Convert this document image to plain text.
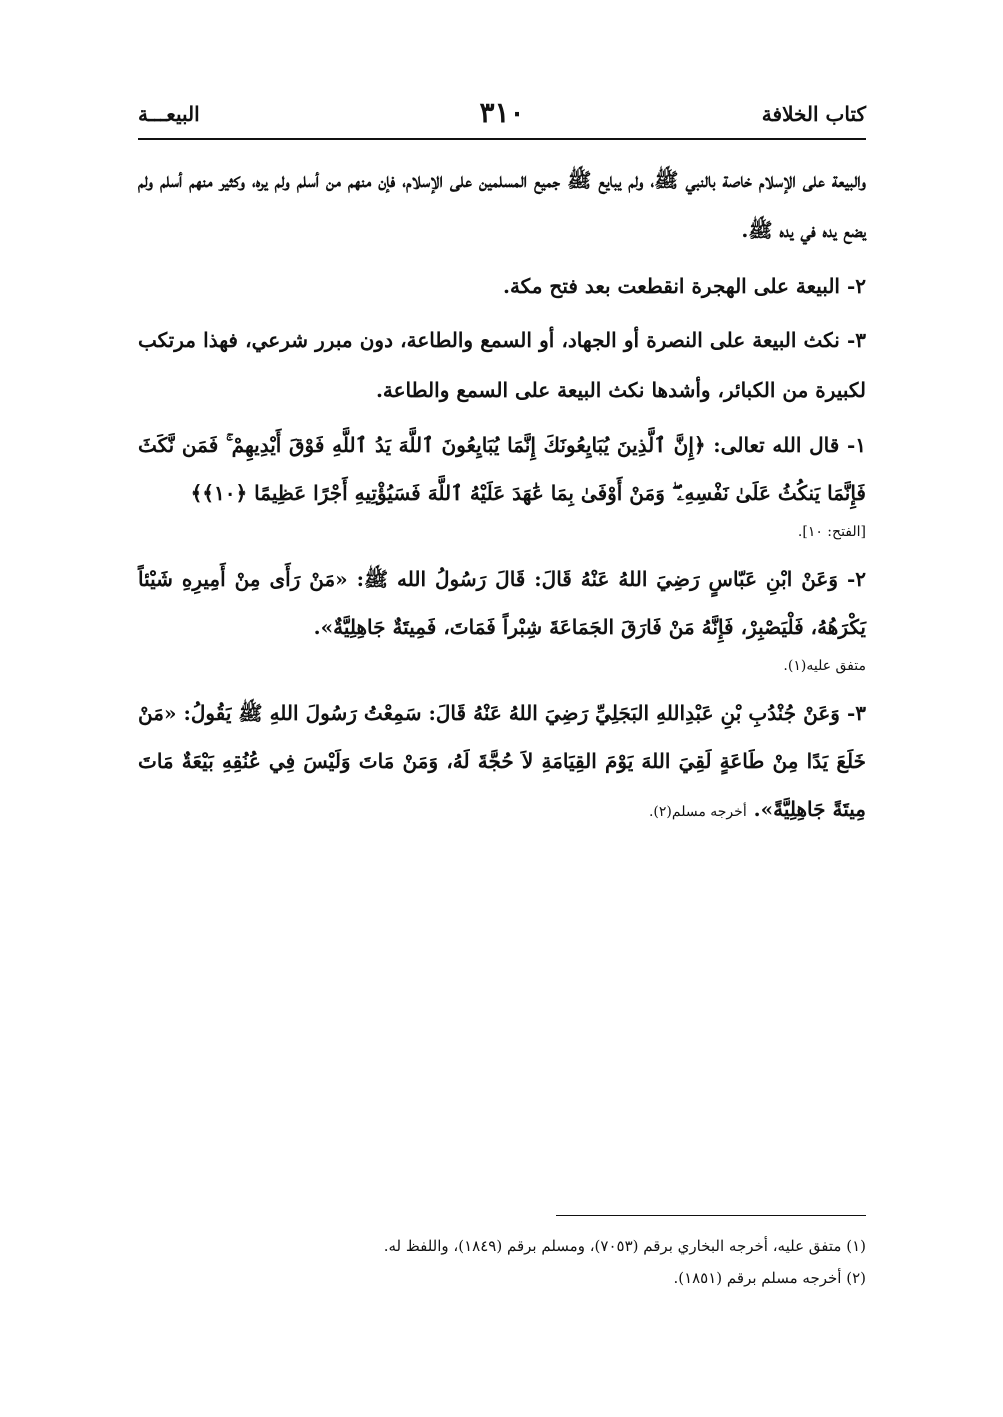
كتاب الخلافة
٣١٠
البيعـــة

والبيعة على الإسلام خاصة بالنبي ﷺ، ولم يبايع ﷺ جميع المسلمين على الإسلام، فإن منهم من أسلم ولم يره، وكثير منهم أسلم ولم يضع يده في يده ﷺ.

٢- البيعة على الهجرة انقطعت بعد فتح مكة.

٣- نكث البيعة على النصرة أو الجهاد، أو السمع والطاعة، دون مبرر شرعي، فهذا مرتكب لكبيرة من الكبائر، وأشدها نكث البيعة على السمع والطاعة.

١- قال الله تعالى: ﴿إِنَّ ٱلَّذِينَ يُبَايِعُونَكَ إِنَّمَا يُبَايِعُونَ ٱللَّهَ يَدُ ٱللَّهِ فَوْقَ أَيْدِيهِمْ ۚ فَمَن نَّكَثَ فَإِنَّمَا يَنكُثُ عَلَىٰ نَفْسِهِۦ ۖ وَمَنْ أَوْفَىٰ بِمَا عَٰهَدَ عَلَيْهُ ٱللَّهَ فَسَيُؤْتِيهِ أَجْرًا عَظِيمًا ﴿١٠﴾﴾

[الفتح: ١٠].

٢- وَعَنْ ابْنِ عَبّاسٍ رَضِيَ اللهُ عَنْهُ قَالَ: قَالَ رَسُولُ الله ﷺ: «مَنْ رَأَى مِنْ أَمِيرِهِ شَيْئاً يَكْرَهُهُ، فَلْيَصْبِرْ، فَإِنَّهُ مَنْ فَارَقَ الجَمَاعَةَ شِبْراً فَمَاتَ، فَمِيتَةٌ جَاهِلِيَّةٌ».

متفق عليه(١).

٣- وَعَنْ جُنْدُبِ بْنِ عَبْدِاللهِ البَجَلِيِّ رَضِيَ اللهُ عَنْهُ قَالَ: سَمِعْتُ رَسُولَ اللهِ ﷺ يَقُولُ: «مَنْ خَلَعَ يَدًا مِنْ طَاعَةٍ لَقِيَ اللهَ يَوْمَ القِيَامَةِ لاَ حُجَّةَ لَهُ، وَمَنْ مَاتَ وَلَيْسَ فِي عُنُقِهِ بَيْعَةٌ مَاتَ مِيتَةً جَاهِلِيَّةً». أخرجه مسلم(٢).

(١) متفق عليه، أخرجه البخاري برقم (٧٠٥٣)، ومسلم برقم (١٨٤٩)، واللفظ له.

(٢) أخرجه مسلم برقم (١٨٥١).
